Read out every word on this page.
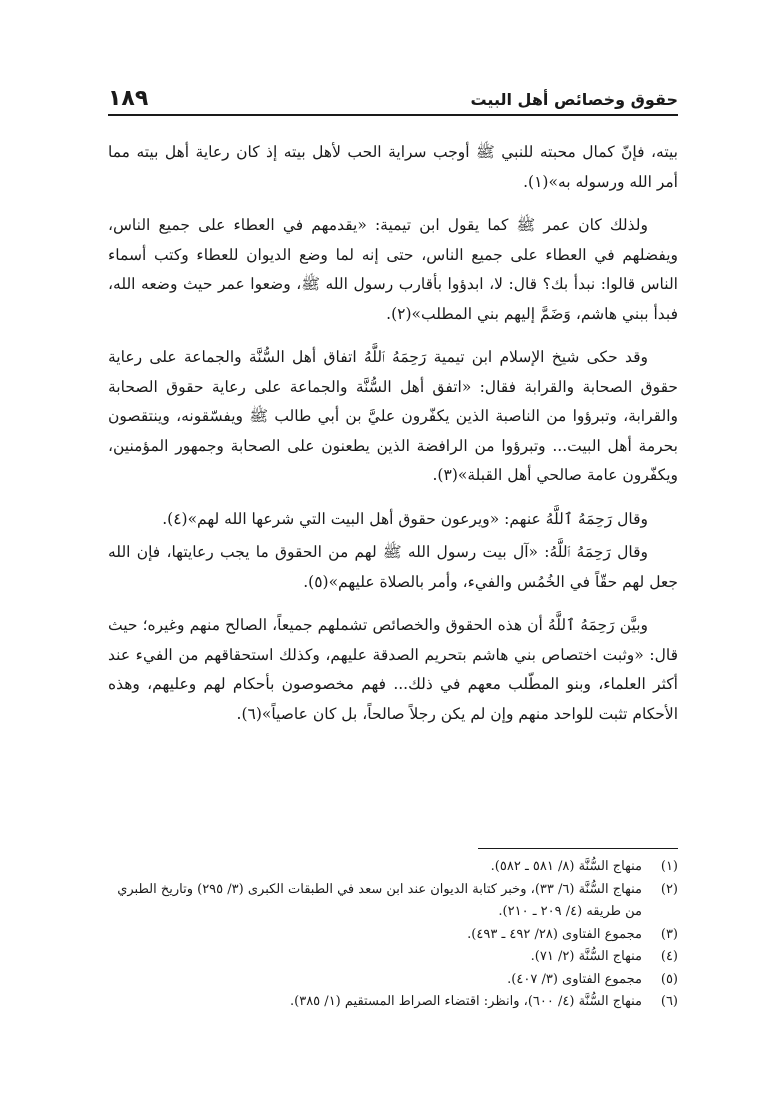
حقوق وخصائص أهل البيت
١٨٩

بيته، فإنّ كمال محبته للنبي ﷺ أوجب سراية الحب لأهل بيته إذ كان رعاية أهل بيته مما أمر الله ورسوله به»(١).

ولذلك كان عمر ﷺ كما يقول ابن تيمية: «يقدمهم في العطاء على جميع الناس، ويفضلهم في العطاء على جميع الناس، حتى إنه لما وضع الديوان للعطاء وكتب أسماء الناس قالوا: نبدأ بك؟ قال: لا، ابدؤوا بأقارب رسول الله ﷺ، وضعوا عمر حيث وضعه الله، فبدأ ببني هاشم، وَضَمَّ إليهم بني المطلب»(٢).

وقد حكى شيخ الإسلام ابن تيمية رَحِمَهُ ٱللَّهُ اتفاق أهل السُّنَّة والجماعة على رعاية حقوق الصحابة والقرابة فقال: «اتفق أهل السُّنَّة والجماعة على رعاية حقوق الصحابة والقرابة، وتبرؤوا من الناصبة الذين يكفّرون عليَّ بن أبي طالب ﷺ ويفسّقونه، وينتقصون بحرمة أهل البيت... وتبرؤوا من الرافضة الذين يطعنون على الصحابة وجمهور المؤمنين، ويكفّرون عامة صالحي أهل القبلة»(٣).

وقال رَحِمَهُ ٱللَّهُ عنهم: «ويرعون حقوق أهل البيت التي شرعها الله لهم»(٤).

وقال رَحِمَهُ ٱللَّهُ: «آل بيت رسول الله ﷺ لهم من الحقوق ما يجب رعايتها، فإن الله جعل لهم حقّاً في الخُمُس والفيء، وأمر بالصلاة عليهم»(٥).

وبيَّن رَحِمَهُ ٱللَّهُ أن هذه الحقوق والخصائص تشملهم جميعاً، الصالح منهم وغيره؛ حيث قال: «وثبت اختصاص بني هاشم بتحريم الصدقة عليهم، وكذلك استحقاقهم من الفيء عند أكثر العلماء، وبنو المطّلب معهم في ذلك... فهم مخصوصون بأحكام لهم وعليهم، وهذه الأحكام تثبت للواحد منهم وإن لم يكن رجلاً صالحاً، بل كان عاصياً»(٦).

(١)
منهاج السُّنَّة (٨/ ٥٨١ ـ ٥٨٢).
(٢)
منهاج السُّنَّة (٦/ ٣٣)، وخبر كتابة الديوان عند ابن سعد في الطبقات الكبرى (٣/ ٢٩٥) وتاريخ الطبري من طريقه (٤/ ٢٠٩ ـ ٢١٠).
(٣)
مجموع الفتاوى (٢٨/ ٤٩٢ ـ ٤٩٣).
(٤)
منهاج السُّنَّة (٢/ ٧١).
(٥)
مجموع الفتاوى (٣/ ٤٠٧).
(٦)
منهاج السُّنَّة (٤/ ٦٠٠)، وانظر: اقتضاء الصراط المستقيم (١/ ٣٨٥).
